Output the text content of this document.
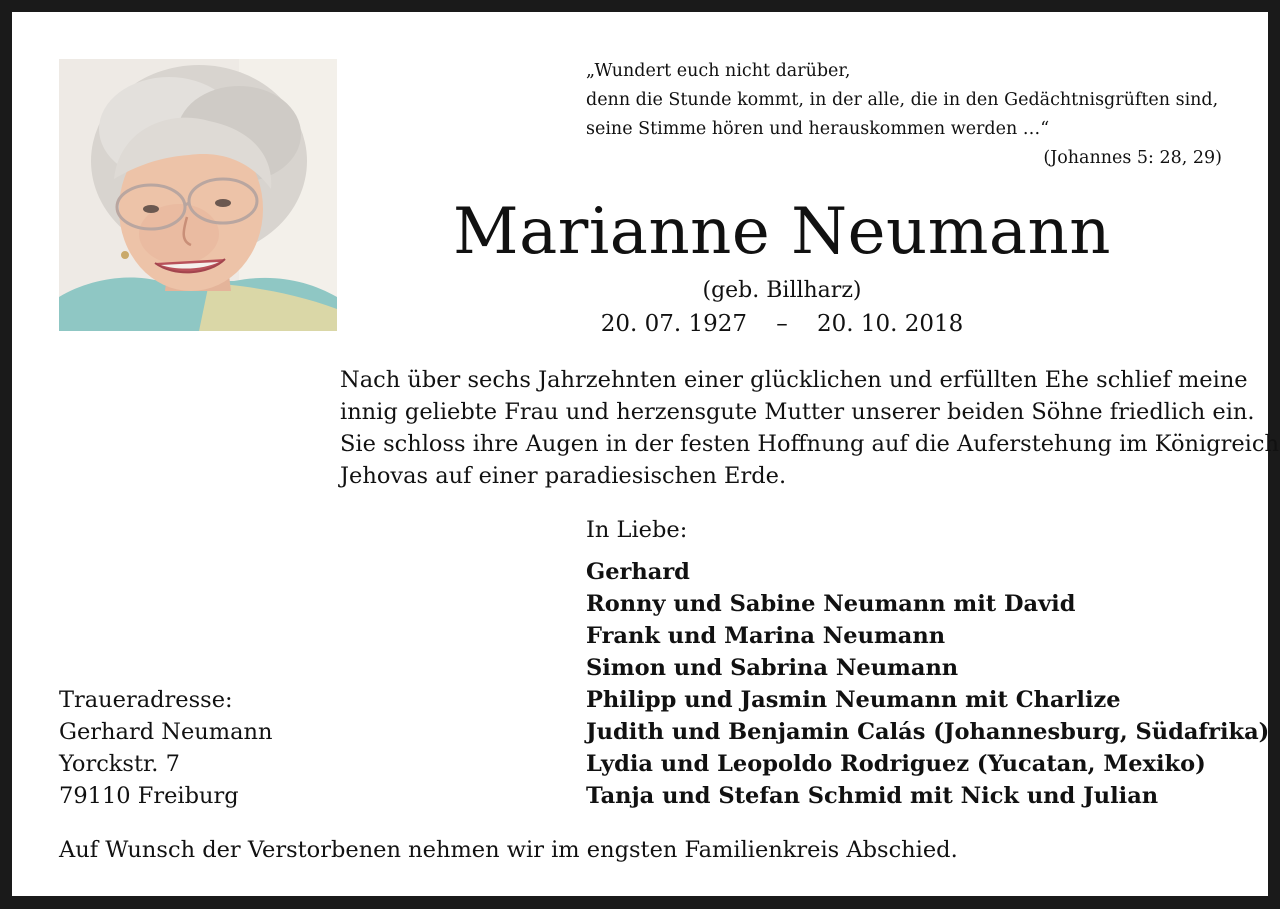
„Wundert euch nicht darüber,
denn die Stunde kommt, in der alle, die in den Gedächtnisgrüften sind,
seine Stimme hören und herauskommen werden …“
(Johannes 5: 28, 29)
Marianne Neumann
(geb. Billharz)
20. 07. 1927    –    20. 10. 2018
Nach über sechs Jahrzehnten einer glücklichen und erfüllten Ehe schlief meine
innig geliebte Frau und herzensgute Mutter unserer beiden Söhne friedlich ein.
Sie schloss ihre Augen in der festen Hoffnung auf die Auferstehung im Königreich
Jehovas auf einer paradiesischen Erde.
In Liebe:
Gerhard
Ronny und Sabine Neumann mit David
Frank und Marina Neumann
Simon und Sabrina Neumann
Philipp und Jasmin Neumann mit Charlize
Judith und Benjamin Calás (Johannesburg, Südafrika)
Lydia und Leopoldo Rodriguez (Yucatan, Mexiko)
Tanja und Stefan Schmid mit Nick und Julian
Traueradresse:
Gerhard Neumann
Yorckstr. 7
79110 Freiburg
Auf Wunsch der Verstorbenen nehmen wir im engsten Familienkreis Abschied.
